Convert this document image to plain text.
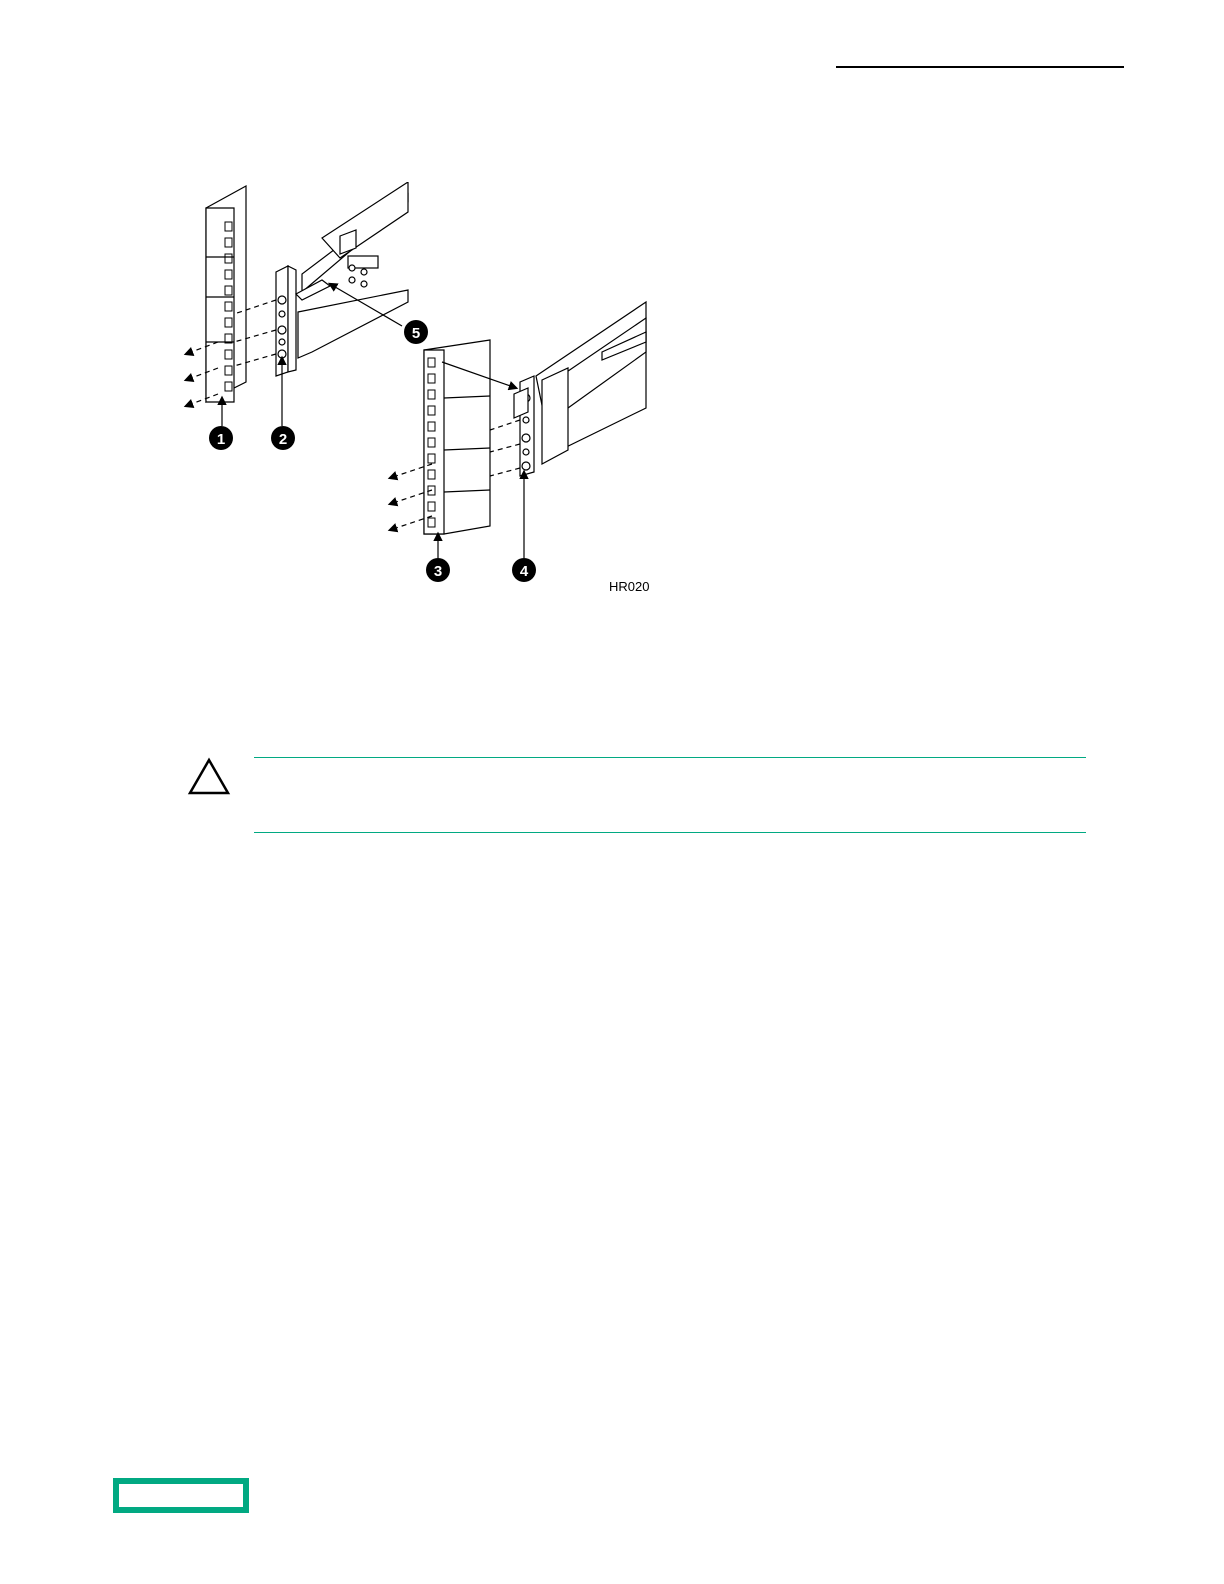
1	2
3	4
5
HR020
